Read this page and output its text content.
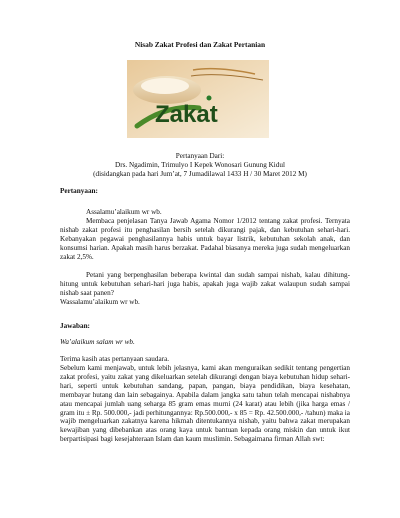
Nisab Zakat Profesi dan Zakat Pertanian
Zakat
Pertanyaan Dari:
Drs. Ngadimin, Trimulyo I Kepek Wonosari Gunung Kidul
(disidangkan pada hari Jum’at, 7 Jumadilawal 1433 H / 30 Maret 2012 M)
Pertanyaan:
Assalamu’alaikum wr wb.

Membaca penjelasan Tanya Jawab Agama Nomor 1/2012 tentang zakat profesi. Ternyata nishab zakat profesi itu penghasilan bersih setelah dikurangi pajak, dan kebutuhan sehari-hari. Kebanyakan pegawai penghasilannya habis untuk bayar listrik, kebutuhan sekolah anak, dan konsumsi harian. Apakah masih harus berzakat. Padahal biasanya mereka juga sudah mengeluarkan zakat 2,5%.

Petani yang berpenghasilan beberapa kwintal dan sudah sampai nishab, kalau dihitung-hitung untuk kebutuhan sehari-hari juga habis, apakah juga wajib zakat walaupun sudah sampai nishab saat panen?

Wassalamu’alaikum wr wb.
Jawaban:
Wa’alaikum salam wr wb.
Terima kasih atas pertanyaan saudara.

Sebelum kami menjawab, untuk lebih jelasnya, kami akan menguraikan sedikit tentang pengertian zakat profesi, yaitu zakat yang dikeluarkan setelah dikurangi dengan biaya kebutuhan hidup sehari-hari, seperti untuk kebutuhan sandang, papan, pangan, biaya pendidikan, biaya kesehatan, membayar hutang dan lain sebagainya. Apabila dalam jangka satu tahun telah mencapai nishabnya atau mencapai jumlah uang seharga 85 gram emas murni (24 karat) atau lebih (jika harga emas / gram itu ± Rp. 500.000,- jadi perhitungannya: Rp.500.000,- x 85 = Rp. 42.500.000,- /tahun) maka ia wajib mengeluarkan zakatnya karena hikmah ditentukannya nishab, yaitu bahwa zakat merupakan kewajiban yang dibebankan atas orang kaya untuk bantuan kepada orang miskin dan untuk ikut berpartisipasi bagi kesejahteraan Islam dan kaum muslimin. Sebagaimana firman Allah swt:
